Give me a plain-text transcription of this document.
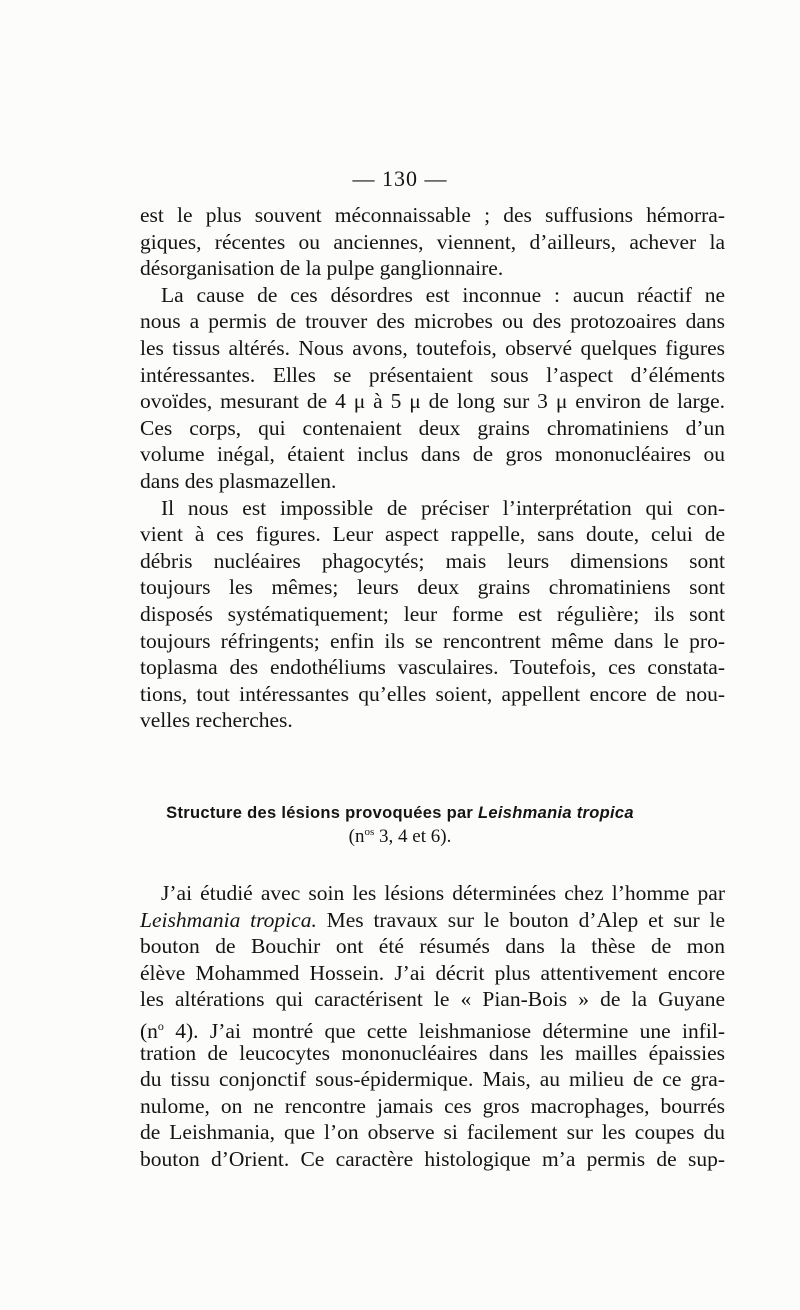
— 130 —
est le plus souvent méconnaissable ; des suffusions hémorra-
giques, récentes ou anciennes, viennent, d’ailleurs, achever la
désorganisation de la pulpe ganglionnaire.
La cause de ces désordres est inconnue : aucun réactif ne
nous a permis de trouver des microbes ou des protozoaires dans
les tissus altérés. Nous avons, toutefois, observé quelques figures
intéressantes. Elles se présentaient sous l’aspect d’éléments
ovoïdes, mesurant de 4 μ à 5 μ de long sur 3 μ environ de large.
Ces corps, qui contenaient deux grains chromatiniens d’un
volume inégal, étaient inclus dans de gros mononucléaires ou
dans des plasmazellen.
Il nous est impossible de préciser l’interprétation qui con-
vient à ces figures. Leur aspect rappelle, sans doute, celui de
débris nucléaires phagocytés; mais leurs dimensions sont
toujours les mêmes; leurs deux grains chromatiniens sont
disposés systématiquement; leur forme est régulière; ils sont
toujours réfringents; enfin ils se rencontrent même dans le pro-
toplasma des endothéliums vasculaires. Toutefois, ces constata-
tions, tout intéressantes qu’elles soient, appellent encore de nou-
velles recherches.
Structure des lésions provoquées par Leishmania tropica
($n^{os}$ 3, 4 et 6).
J’ai étudié avec soin les lésions déterminées chez l’homme par
Leishmania tropica. Mes travaux sur le bouton d’Alep et sur le
bouton de Bouchir ont été résumés dans la thèse de mon
élève Mohammed Hossein. J’ai décrit plus attentivement encore
les altérations qui caractérisent le « Pian-Bois » de la Guyane
($n^o$ 4). J’ai montré que cette leishmaniose détermine une infil-
tration de leucocytes mononucléaires dans les mailles épaissies
du tissu conjonctif sous-épidermique. Mais, au milieu de ce gra-
nulome, on ne rencontre jamais ces gros macrophages, bourrés
de Leishmania, que l’on observe si facilement sur les coupes du
bouton d’Orient. Ce caractère histologique m’a permis de sup-
